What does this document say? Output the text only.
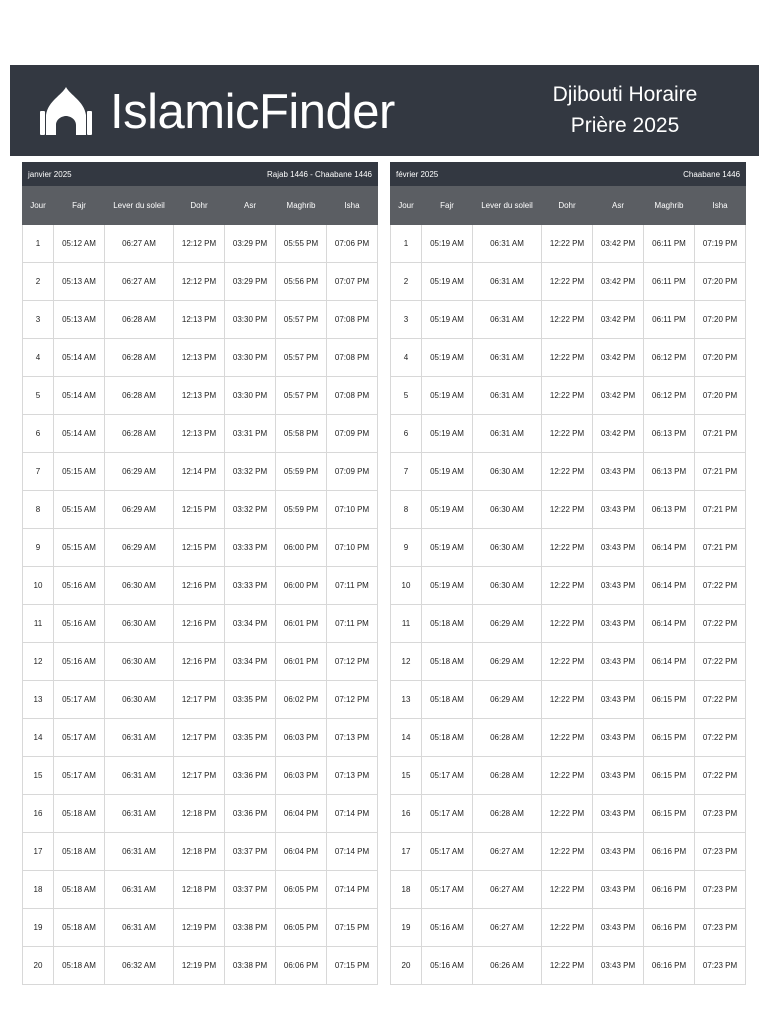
IslamicFinder	Djibouti Horaire
Prière 2025
janvier 2025 Rajab 1446 - Chaabane 1446						

Jour	Fajr	Lever du soleil	Dohr	Asr	Maghrib	Isha
1	05:12 AM	06:27 AM	12:12 PM	03:29 PM	05:55 PM	07:06 PM
2	05:13 AM	06:27 AM	12:12 PM	03:29 PM	05:56 PM	07:07 PM
3	05:13 AM	06:28 AM	12:13 PM	03:30 PM	05:57 PM	07:08 PM
4	05:14 AM	06:28 AM	12:13 PM	03:30 PM	05:57 PM	07:08 PM
5	05:14 AM	06:28 AM	12:13 PM	03:30 PM	05:57 PM	07:08 PM
6	05:14 AM	06:28 AM	12:13 PM	03:31 PM	05:58 PM	07:09 PM
7	05:15 AM	06:29 AM	12:14 PM	03:32 PM	05:59 PM	07:09 PM
8	05:15 AM	06:29 AM	12:15 PM	03:32 PM	05:59 PM	07:10 PM
9	05:15 AM	06:29 AM	12:15 PM	03:33 PM	06:00 PM	07:10 PM
10	05:16 AM	06:30 AM	12:16 PM	03:33 PM	06:00 PM	07:11 PM
11	05:16 AM	06:30 AM	12:16 PM	03:34 PM	06:01 PM	07:11 PM
12	05:16 AM	06:30 AM	12:16 PM	03:34 PM	06:01 PM	07:12 PM
13	05:17 AM	06:30 AM	12:17 PM	03:35 PM	06:02 PM	07:12 PM
14	05:17 AM	06:31 AM	12:17 PM	03:35 PM	06:03 PM	07:13 PM
15	05:17 AM	06:31 AM	12:17 PM	03:36 PM	06:03 PM	07:13 PM
16	05:18 AM	06:31 AM	12:18 PM	03:36 PM	06:04 PM	07:14 PM
17	05:18 AM	06:31 AM	12:18 PM	03:37 PM	06:04 PM	07:14 PM
18	05:18 AM	06:31 AM	12:18 PM	03:37 PM	06:05 PM	07:14 PM
19	05:18 AM	06:31 AM	12:19 PM	03:38 PM	06:05 PM	07:15 PM
20	05:18 AM	06:32 AM	12:19 PM	03:38 PM	06:06 PM	07:15 PM
février 2025 Chaabane 1446						

Jour	Fajr	Lever du soleil	Dohr	Asr	Maghrib	Isha
1	05:19 AM	06:31 AM	12:22 PM	03:42 PM	06:11 PM	07:19 PM
2	05:19 AM	06:31 AM	12:22 PM	03:42 PM	06:11 PM	07:20 PM
3	05:19 AM	06:31 AM	12:22 PM	03:42 PM	06:11 PM	07:20 PM
4	05:19 AM	06:31 AM	12:22 PM	03:42 PM	06:12 PM	07:20 PM
5	05:19 AM	06:31 AM	12:22 PM	03:42 PM	06:12 PM	07:20 PM
6	05:19 AM	06:31 AM	12:22 PM	03:42 PM	06:13 PM	07:21 PM
7	05:19 AM	06:30 AM	12:22 PM	03:43 PM	06:13 PM	07:21 PM
8	05:19 AM	06:30 AM	12:22 PM	03:43 PM	06:13 PM	07:21 PM
9	05:19 AM	06:30 AM	12:22 PM	03:43 PM	06:14 PM	07:21 PM
10	05:19 AM	06:30 AM	12:22 PM	03:43 PM	06:14 PM	07:22 PM
11	05:18 AM	06:29 AM	12:22 PM	03:43 PM	06:14 PM	07:22 PM
12	05:18 AM	06:29 AM	12:22 PM	03:43 PM	06:14 PM	07:22 PM
13	05:18 AM	06:29 AM	12:22 PM	03:43 PM	06:15 PM	07:22 PM
14	05:18 AM	06:28 AM	12:22 PM	03:43 PM	06:15 PM	07:22 PM
15	05:17 AM	06:28 AM	12:22 PM	03:43 PM	06:15 PM	07:22 PM
16	05:17 AM	06:28 AM	12:22 PM	03:43 PM	06:15 PM	07:23 PM
17	05:17 AM	06:27 AM	12:22 PM	03:43 PM	06:16 PM	07:23 PM
18	05:17 AM	06:27 AM	12:22 PM	03:43 PM	06:16 PM	07:23 PM
19	05:16 AM	06:27 AM	12:22 PM	03:43 PM	06:16 PM	07:23 PM
20	05:16 AM	06:26 AM	12:22 PM	03:43 PM	06:16 PM	07:23 PM
